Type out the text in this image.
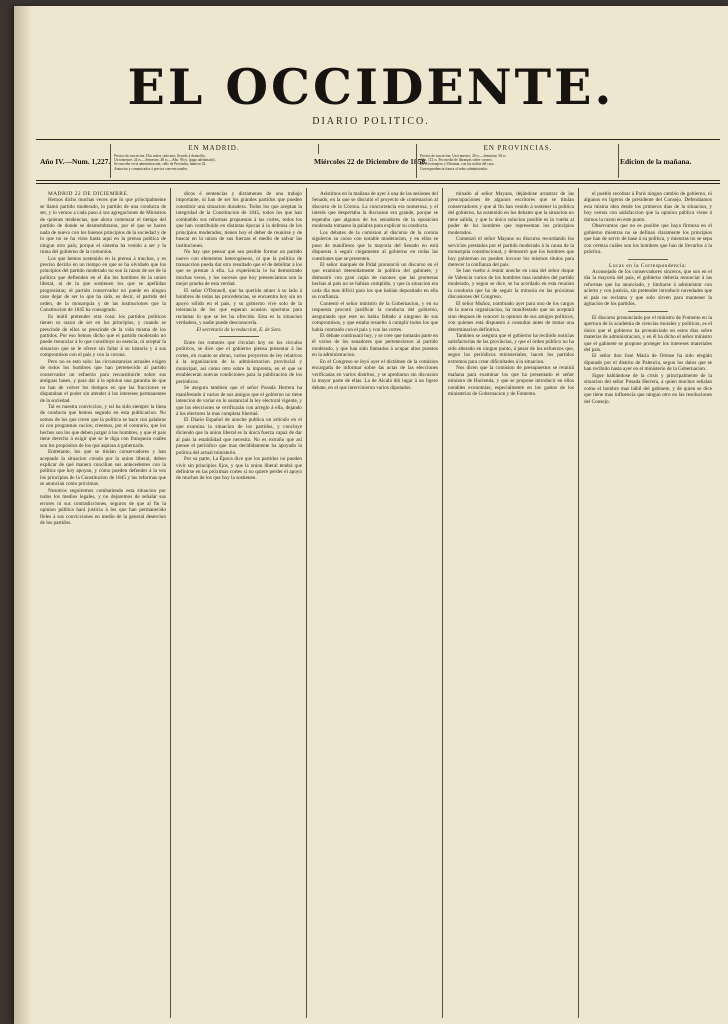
EL OCCIDENTE.
DIARIO POLITICO.
EN MADRID.
Precios de suscricion. Dos reales cada mes, llevado á domicilio.
Un trimestre, 24 rs.—Semestre, 48 rs.—Año, 96 rs. (pago adelantado).
Se suscribe en la administracion, calle de Preciados, número 24.
Anuncios y comunicados á precios convencionales.
EN PROVINCIAS.
Precios de suscricion. Un trimestre, 28 rs.—Semestre, 56 rs.
Año, 112 rs. Por medio de libranzas sobre correos.
En el extranjero y Ultramar, con las tarifas del caso.
Correspondencia franca al señor administrador.
Año IV.—Num. 1,227.	Miércoles 22 de Diciembre de 1858.	Edicion de la mañana.

MADRID 22 DE DICIEMBRE.

Hemos dicho muchas veces que lo que principalmente se llamó partido moderado, lo partido de una conducta de ser, y lo vemos a cada paso á sus agregaciones de Ministros de quienes tendencias, que ahora comenzar el tiempo del partido de donde se desmembraron, por el que se hacen nada de nuevo con los buenos principios de la sociedad y de lo que no se ha visto hasta aquí en la prensa política de ningun otro país; porque el sistema ha venido a ser y la ruina del gobierno de la comunion.

Los que hemos sostenido en la prensa á muchas, y es preciso decirlo en un tiempo en que se ha olvidado que los principios del partido moderado no son la razon de ser de la politica que defienden en el dia los hombres de la union liberal, ni de la que sostienen los que se apellidan progresistas; el partido conservador no puede en ningun caso dejar de ser lo que ha sido, es decir, el partido del orden, de la monarquía y de las instituciones que la Constitucion de 1845 ha consagrado.

Es inútil pretender otra cosa: los partidos políticos tienen su razon de ser en los principios, y cuando se prescinde de ellos se prescinde de la vida misma de los partidos. Por eso hemos dicho que el partido moderado no puede renunciar á lo que constituye su esencia, ni aceptar la situacion que se le ofrece sin faltar á su historia y á sus compromisos con el pais y con la corona.

Pero no es esto solo: las circunstancias actuales exigen de todos los hombres que han pertenecido al partido conservador un esfuerzo para reconstituirle sobre sus antiguas bases, y para dar á la opinion una garantía de que no han de volver los tiempos en que las fracciones se disputaban el poder sin atender á los intereses permanentes de la sociedad.

Tal es nuestra conviccion, y tal ha sido siempre la línea de conducta que hemos seguido en esta publicacion. No somos de los que creen que la política se hace con palabras ni con programas vacíos; creemos, por el contrario, que los hechos son los que deben juzgar á los hombres, y que el pais tiene derecho á exigir que se le diga con franqueza cuáles son los propósitos de los que aspiran á gobernarle.

Entretanto, los que se titulan conservadores y han aceptado la situacion creada por la union liberal, deben explicar de qué manera concilian sus antecedentes con la política que hoy apoyan, y cómo pueden defender á la vez los principios de la Constitucion de 1845 y las reformas que se anuncian como próximas.

Nosotros seguiremos combatiendo esta situacion por todos los medios legales, y no dejaremos de señalar sus errores ni sus contradicciones, seguros de que al fin la opinion pública hará justicia á los que han permanecido fieles á sus convicciones en medio de la general desercion de los partidos.

dicos é sentencias y dictámenes de una trabajo importante, ni han de ser los grandes partidos que pueden constituir una situacion duradera. Todos los que aceptan la integridad de la Constitucion de 1845, todos los que han combatido sus reformas propuestas á las cortes, todos los que han contribuido en distintas épocas á la defensa de los principios moderados, tienen hoy el deber de reunirse y de buscar en la union de sus fuerzas el medio de salvar las instituciones.

No hay que pensar que sea posible formar un partido nuevo con elementos heterogéneos, ni que la política de transaccion pueda dar otro resultado que el de debilitar á los que se prestan á ella. La experiencia lo ha demostrado muchas veces, y los sucesos que hoy presenciamos son la mejor prueba de esta verdad.

El señor O'Donnell, que ha querido atraer á su lado á hombres de todas las procedencias, se encuentra hoy sin un apoyo sólido en el país, y su gobierno vive solo de la tolerancia de los que esperan ocasion oportuna para reclamar lo que se les ha ofrecido. Esta es la situacion verdadera, y nadie puede desconocerla.

El secretario de la redaccion, E. de Soto.

Entre los rumores que circulan hoy en los círculos políticos, se dice que el gobierno piensa presentar á las cortes, en cuanto se abran, varios proyectos de ley relativos á la organizacion de la administracion provincial y municipal, así como otro sobre la imprenta, en el que se establecerán nuevas condiciones para la publicacion de los periódicos.

Se asegura tambien que el señor Posada Herrera ha manifestado á varios de sus amigos que el gobierno no tiene intencion de variar en lo sustancial la ley electoral vigente, y que las elecciones se verificarán con arreglo á ella, dejando á los electores la mas completa libertad.

El Diario Español de anoche publica un artículo en el que examina la situacion de los partidos, y concluye diciendo que la union liberal es la única fuerza capaz de dar al pais la estabilidad que necesita. No es extraño que así piense el periódico que mas decididamente ha apoyado la política del actual ministerio.

Por su parte, La Época dice que los partidos no pueden vivir sin principios fijos, y que la union liberal tendrá que definirse en las próximas cortes si no quiere perder el apoyo de muchos de los que hoy la sostienen.

Asistimos en la mañana de ayer á una de las sesiones del Senado, en la que se discutió el proyecto de contestacion al discurso de la Corona. La concurrencia era numerosa, y el interés que despertaba la discusion era grande, porque se esperaba que algunos de los senadores de la oposicion moderada tomasen la palabra para explicar su conducta.

Los debates de la comision al discurso de la corona siguieron su curso con notable moderacion, y en ellos se puso de manifiesto que la mayoría del Senado no está dispuesta á seguir ciegamente al gobierno en todas las cuestiones que se presenten.

El señor marqués de Pidal pronunció un discurso en el que examinó detenidamente la política del gabinete, y demostró con gran copia de razones que las promesas hechas al pais no se habian cumplido, y que la situacion era cada dia mas difícil para los que habian depositado en ella su confianza.

Contestó el señor ministro de la Gobernacion, y en su respuesta procuró justificar la conducta del gobierno, asegurando que este no habia faltado á ninguno de sus compromisos, y que estaba resuelto á cumplir todos los que habia contraido con el pais y con las cortes.

El debate continuará hoy, y se cree que tomarán parte en él varios de los senadores que pertenecieron al partido moderado, y que han sido llamados á ocupar altos puestos en la administracion.

En el Congreso se leyó ayer el dictámen de la comision encargada de informar sobre las actas de las elecciones verificadas en varios distritos, y se aprobaron sin discusion la mayor parte de ellas. La de Alcalá dió lugar á un ligero debate, en el que intervinieron varios diputados.

minado al señor Mayans, dejándose arrastrar de las preocupaciones de algunos escritores que se titulan conservadores y que al fin han venido á sostener la politica del gobierno, ha sostenido en los debates que la situacion no tiene salida, y que la única solucion posible es la vuelta al poder de los hombres que representan los principios moderados.

Comenzó el señor Mayans su discurso recordando los servicios prestados por el partido moderado á la causa de la monarquía constitucional, y demostró que los hombres que hoy gobiernan no pueden invocar los mismos títulos para merecer la confianza del pais.

Se han vuelto á reunir anoche en casa del señor duque de Valencia varios de los hombres mas notables del partido moderado, y segun se dice, se ha acordado en esta reunion la conducta que ha de seguir la minoría en las próximas discusiones del Congreso.

El señor Muñoz, nombrado ayer para uno de los cargos de la nueva organizacion, ha manifestado que no aceptará sino despues de conocer la opinion de sus amigos políticos, con quienes está dispuesto á consultar antes de tomar una determinacion definitiva.

Tambien se asegura que el gobierno ha recibido noticias satisfactorias de las provincias, y que el órden público no ha sido alterado en ningun punto, á pesar de los esfuerzos que, segun los periódicos ministeriales, hacen los partidos extremos para crear dificultades á la situacion.

Nos dicen que la comision de presupuestos se reunirá mañana para examinar los que ha presentado el señor ministro de Hacienda, y que se propone introducir en ellos notables economías, especialmente en los gastos de los ministerios de Gobernacion y de Fomento.

el pueblo recobrar á Paris ningun cambio de gobierno, ni algunos en ligeros de presidente del Consejo. Defendiamos esta misma idea desde los primeros dias de la situacion, y hoy vemos con satisfaccion que la opinion pública viene á darnos la razon en este punto.

Observamos que no es posible que haya firmeza en el gobierno mientras no se definan claramente los principios que han de servir de base á su politica, y mientras no se sepa con certeza cuáles son los hombres que han de llevarlos á la práctica.

Lucas en la Correspondencia:

Aconsejado de los conservadores sinceros, que son en el dia la mayoría del pais, el gobierno deberia renunciar á las reformas que ha anunciado, y limitarse á administrar con acierto y con justicia, sin pretender introducir novedades que el pais no reclama y que solo sirven para mantener la agitacion de los partidos.

El discurso pronunciado por el ministro de Fomento en la apertura de la academia de ciencias morales y politicas, es el único que el gobierno ha pronunciado en estos dias sobre materias de administracion, y en él ha dicho el señor ministro que el gabinete se propone proteger los intereses materiales del pais.

El señor don José María de Orense ha sido elegido diputado por el distrito de Palencia, segun los datos que se han recibido hasta ayer en el ministerio de la Gobernacion.

Sigue hablándose de la crisis y principalmente de la situacion del señor Posada Herrera, á quien muchos señalan como el hombre mas hábil del gabinete, y de quien se dice que tiene mas influencia que ningun otro en las resoluciones del Consejo.
